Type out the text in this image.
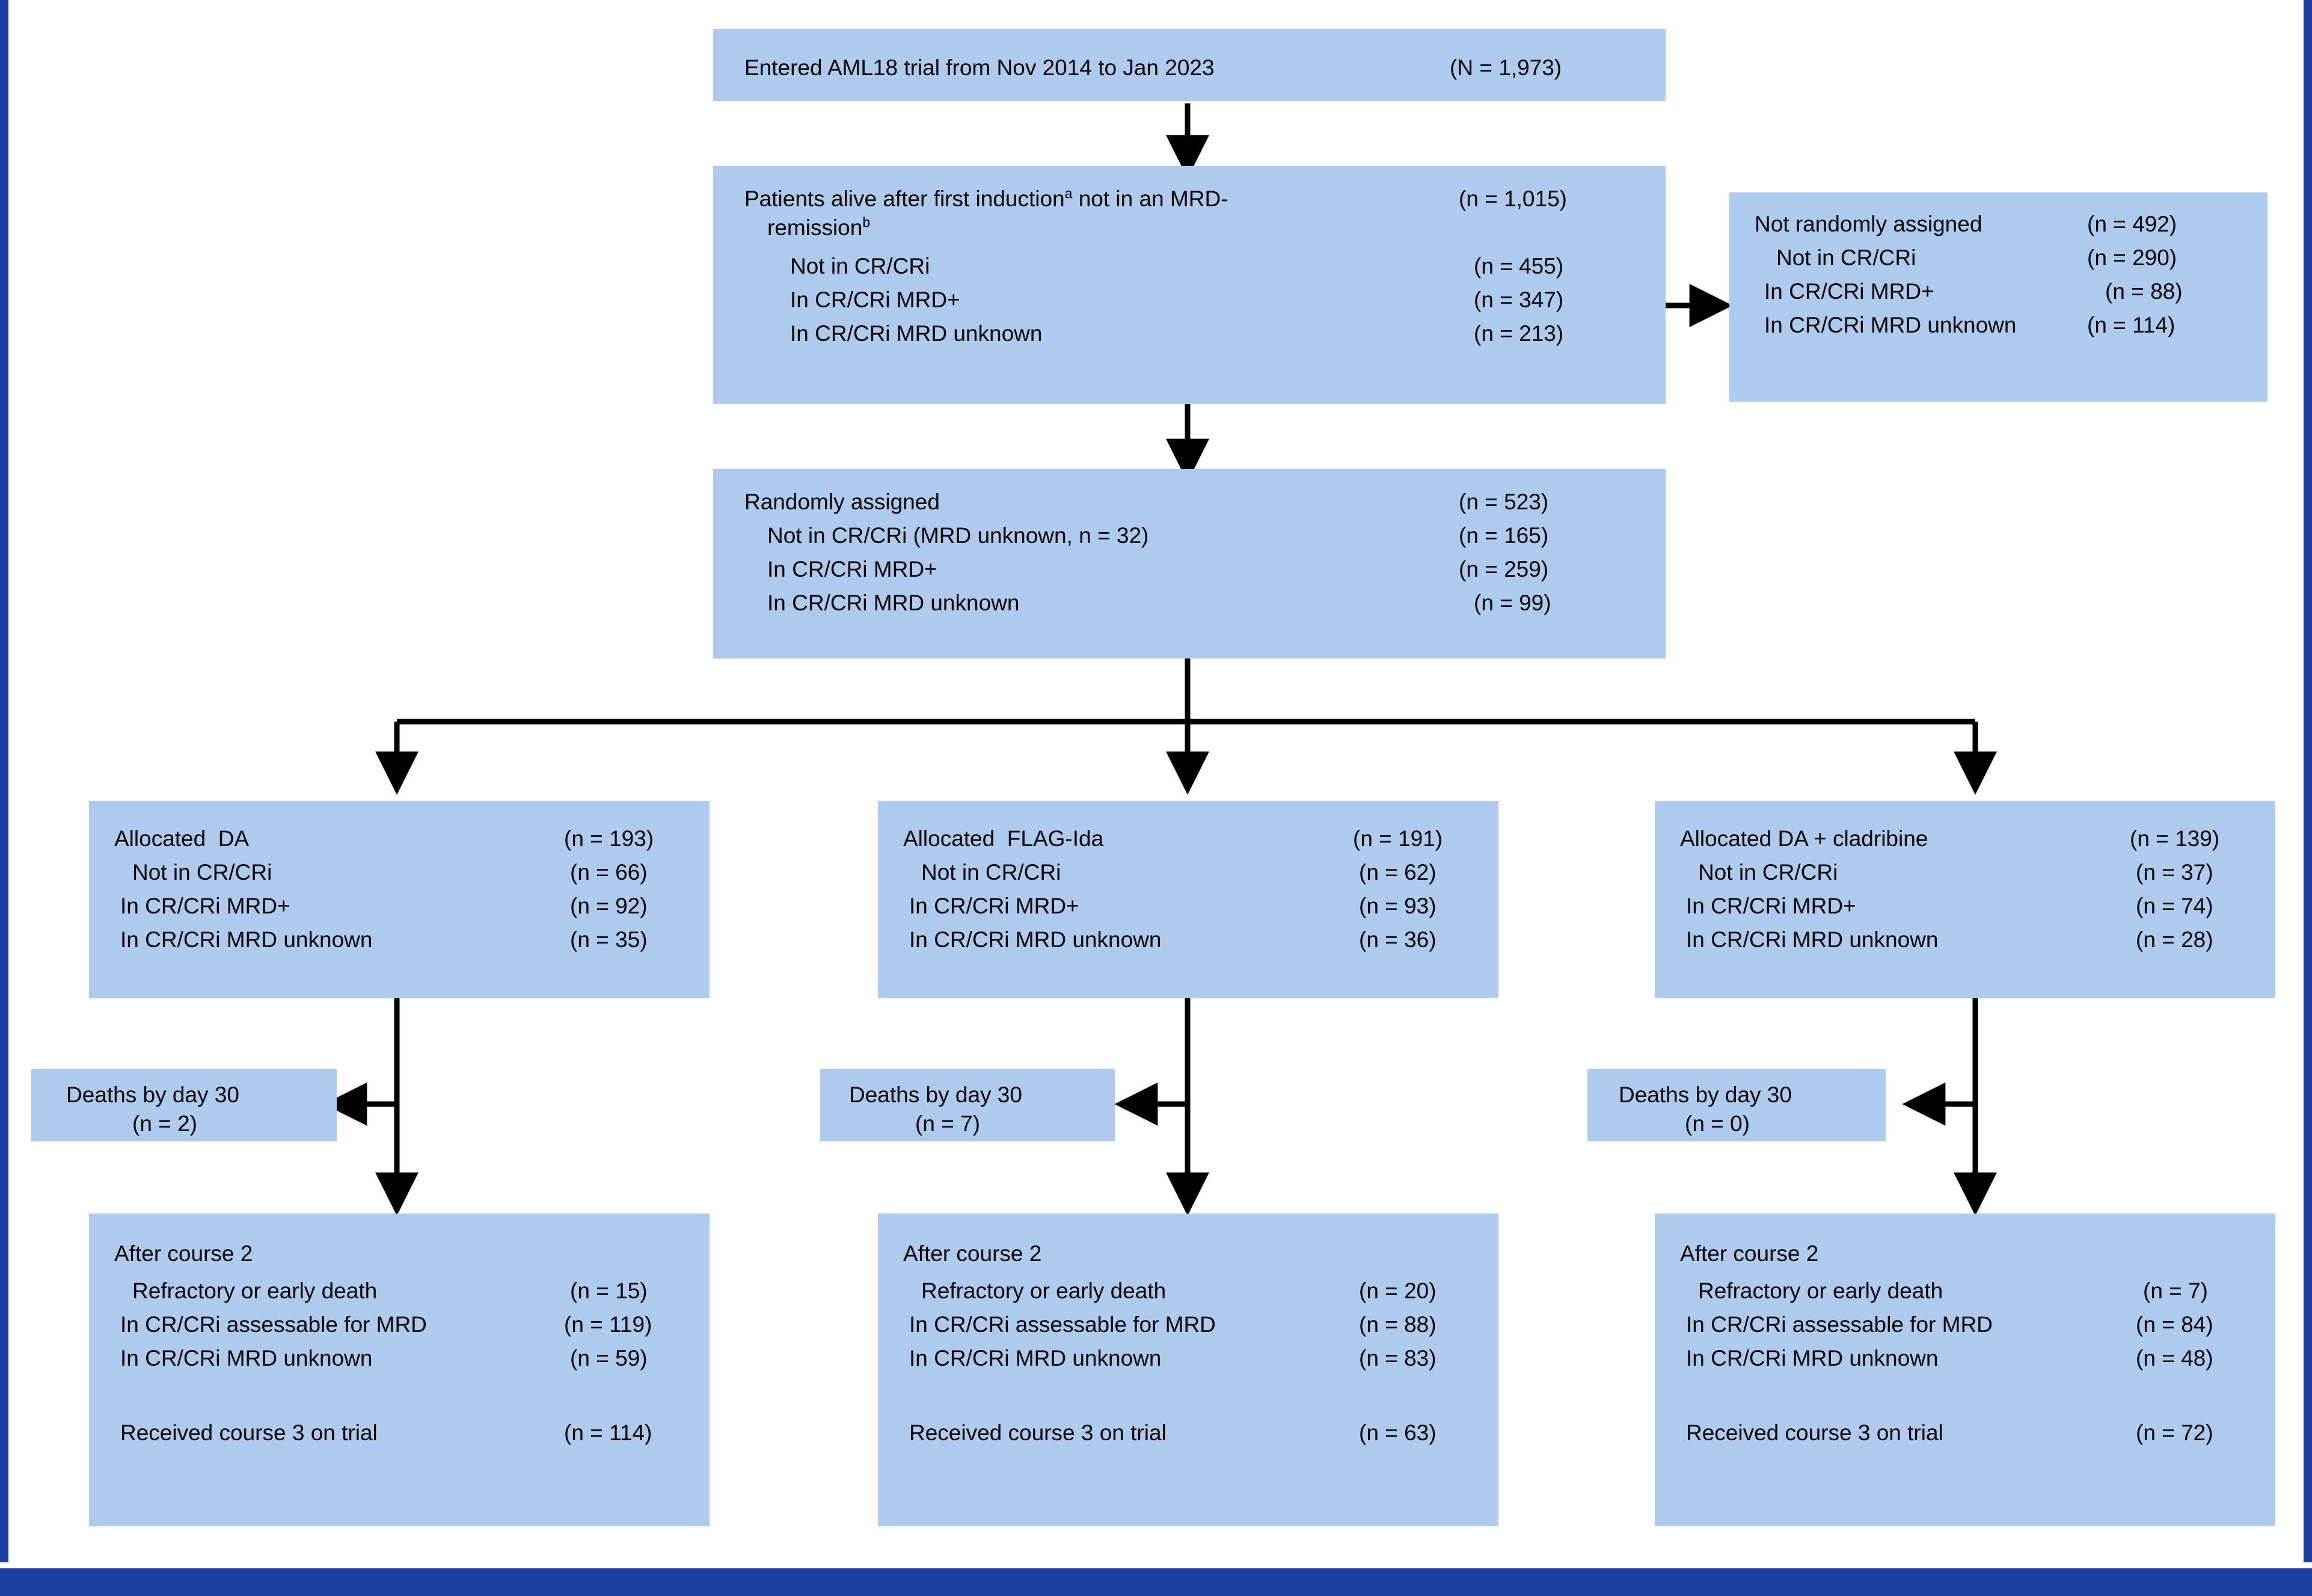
Entered AML18 trial from Nov 2014 to Jan 2023	(N = 1,973)
Patients alive after first induction$^a$ not in an MRD-	(n = 1,015)
remission$^b$
Not in CR/CRi	(n = 455)
In CR/CRi MRD+	(n = 347)
In CR/CRi MRD unknown	(n = 213)
Not randomly assigned	(n = 492)
Not in CR/CRi	(n = 290)
In CR/CRi MRD+	(n = 88)
In CR/CRi MRD unknown	(n = 114)
Randomly assigned	(n = 523)
Not in CR/CRi (MRD unknown, n = 32)	(n = 165)
In CR/CRi MRD+	(n = 259)
In CR/CRi MRD unknown	(n = 99)
Allocated  DA	(n = 193)
Not in CR/CRi	(n = 66)
In CR/CRi MRD+	(n = 92)
In CR/CRi MRD unknown	(n = 35)
Allocated  FLAG-Ida	(n = 191)
Not in CR/CRi	(n = 62)
In CR/CRi MRD+	(n = 93)
In CR/CRi MRD unknown	(n = 36)
Allocated DA + cladribine	(n = 139)
Not in CR/CRi	(n = 37)
In CR/CRi MRD+	(n = 74)
In CR/CRi MRD unknown	(n = 28)
Deaths by day 30
(n = 2)
Deaths by day 30
(n = 7)
Deaths by day 30
(n = 0)
After course 2
Refractory or early death	(n = 15)
In CR/CRi assessable for MRD	(n = 119)
In CR/CRi MRD unknown	(n = 59)
Received course 3 on trial	(n = 114)
After course 2
Refractory or early death	(n = 20)
In CR/CRi assessable for MRD	(n = 88)
In CR/CRi MRD unknown	(n = 83)
Received course 3 on trial	(n = 63)
After course 2
Refractory or early death	(n = 7)
In CR/CRi assessable for MRD	(n = 84)
In CR/CRi MRD unknown	(n = 48)
Received course 3 on trial	(n = 72)
